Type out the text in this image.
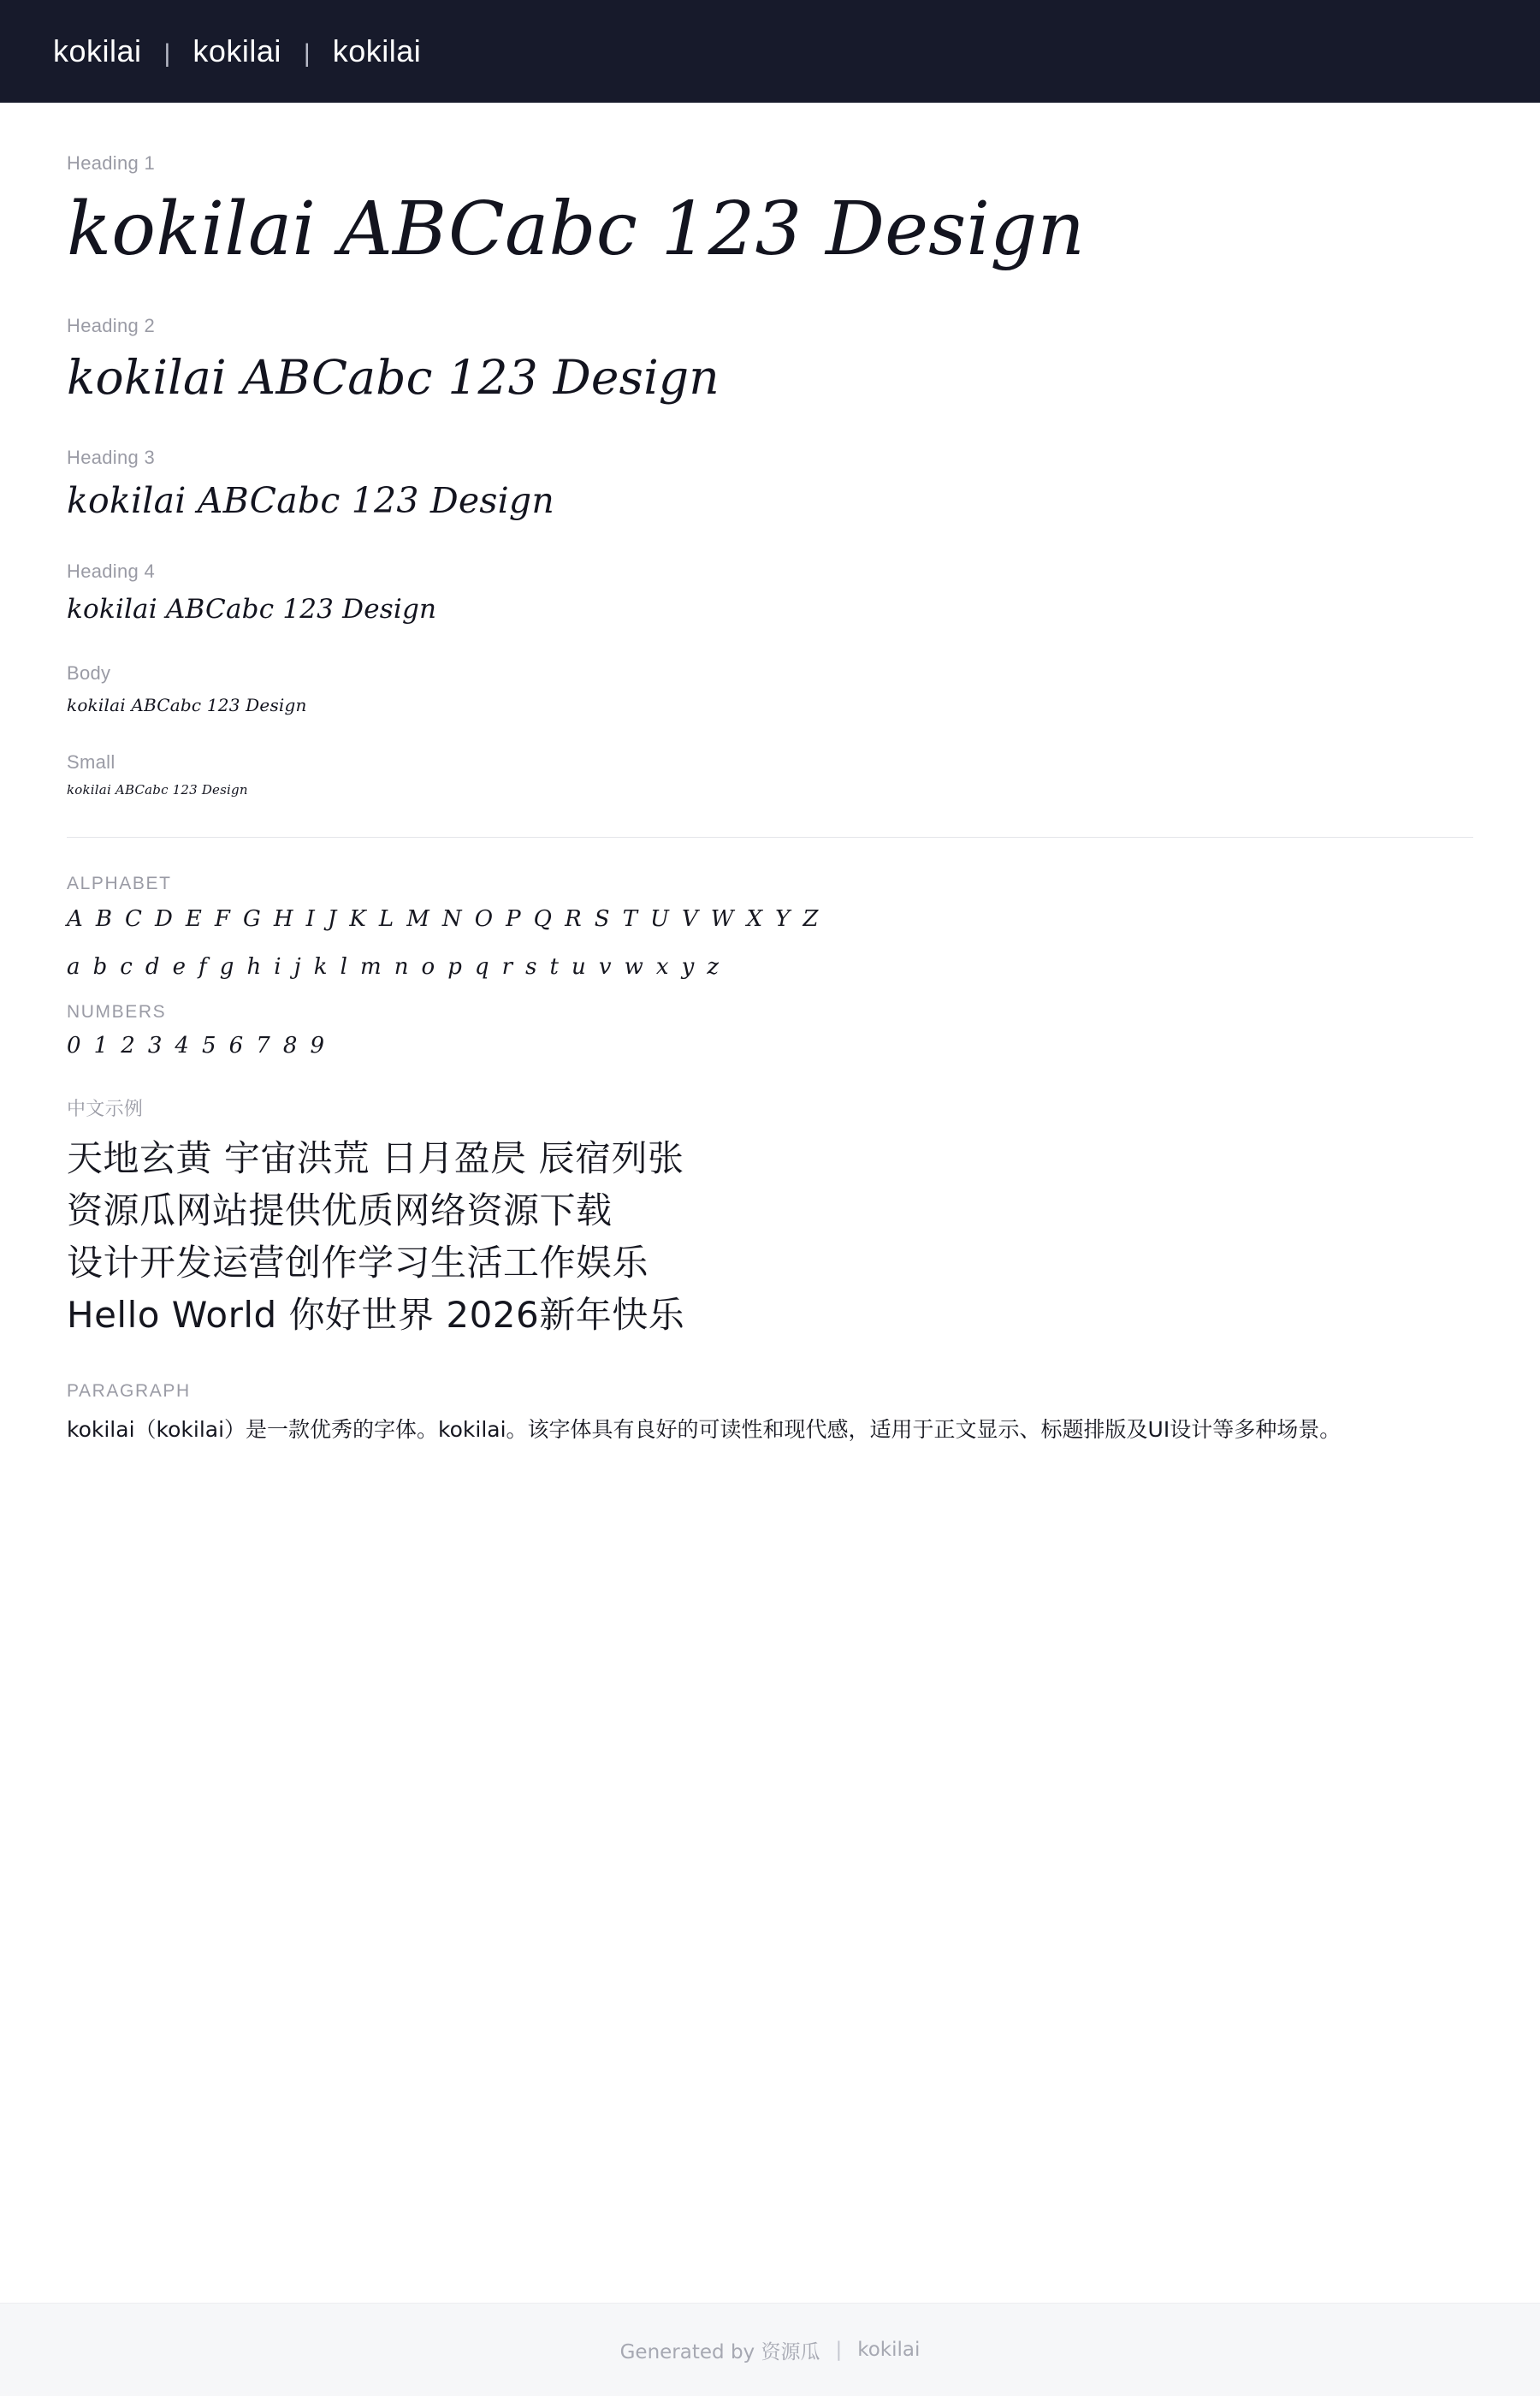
kokilai | kokilai | kokilai

Heading 1

kokilai ABCabc 123 Design

Heading 2

kokilai ABCabc 123 Design

Heading 3

kokilai ABCabc 123 Design

Heading 4

kokilai ABCabc 123 Design

Body

kokilai ABCabc 123 Design

Small

kokilai ABCabc 123 Design

ALPHABET

A B C D E F G H I J K L M N O P Q R S T U V W X Y Z

a b c d e f g h i j k l m n o p q r s t u v w x y z

NUMBERS

0 1 2 3 4 5 6 7 8 9

中文示例

天地玄黄 宇宙洪荒 日月盈昃 辰宿列张

资源瓜网站提供优质网络资源下载

设计开发运营创作学习生活工作娱乐

Hello World 你好世界 2026新年快乐

PARAGRAPH

kokilai（kokilai）是一款优秀的字体。kokilai。该字体具有良好的可读性和现代感，适用于正文显示、标题排版及UI设计等多种场景。

Generated by 资源瓜 | kokilai
